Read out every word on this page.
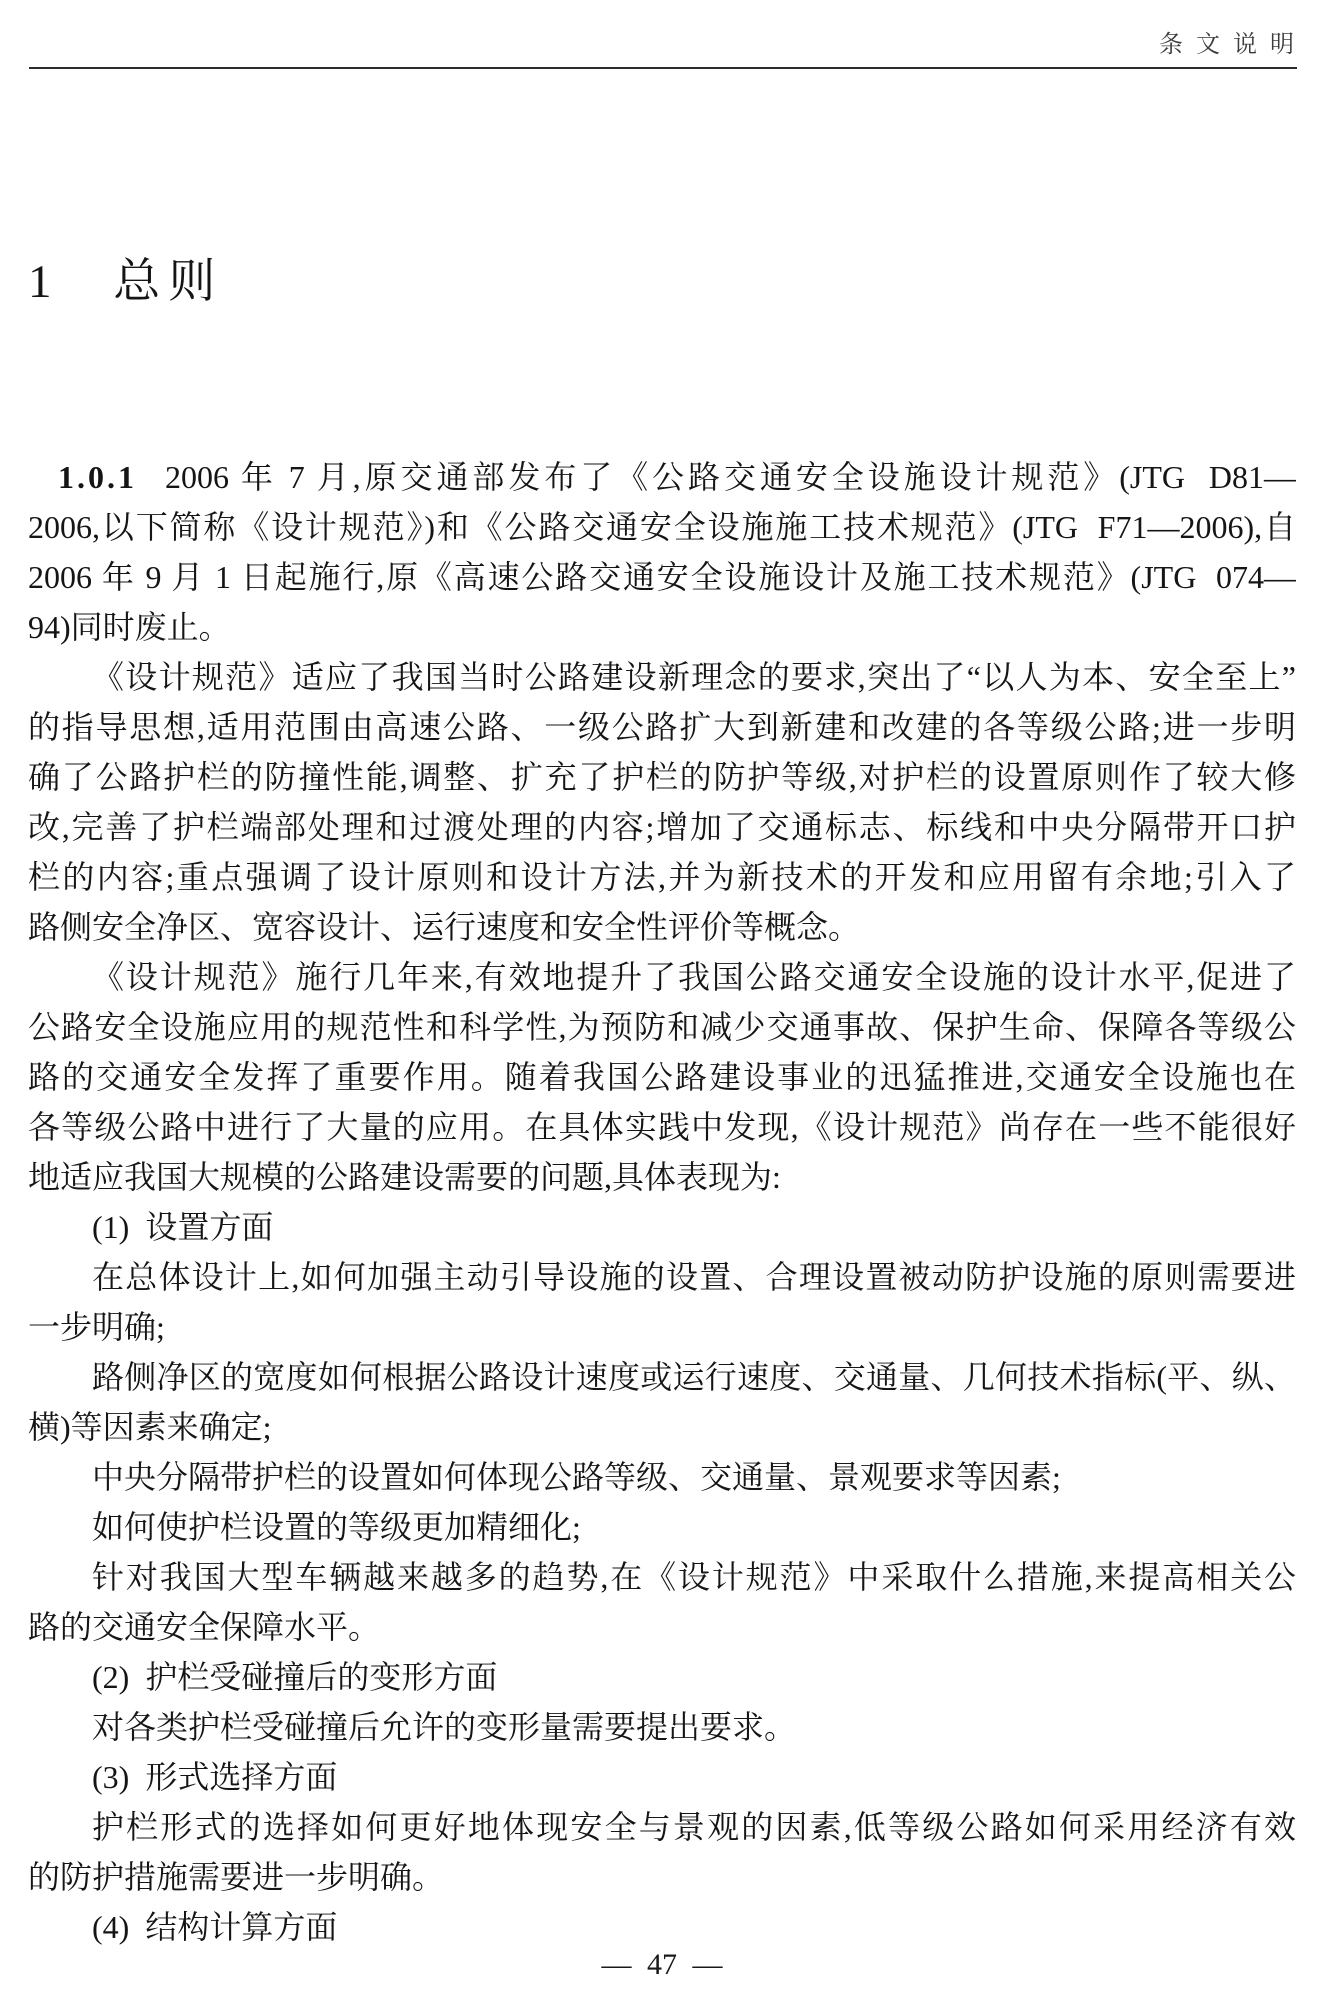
条文说明
1 总则
1.0.1 2006 年 7 月,原交通部发布了《公路交通安全设施设计规范》(JTG  D81—
2006,以下简称《设计规范》)和《公路交通安全设施施工技术规范》(JTG  F71—2006),自
2006 年 9 月 1 日起施行,原《高速公路交通安全设施设计及施工技术规范》(JTG  074—
94)同时废止。
《设计规范》适应了我国当时公路建设新理念的要求,突出了“以人为本、安全至上”
的指导思想,适用范围由高速公路、一级公路扩大到新建和改建的各等级公路;进一步明
确了公路护栏的防撞性能,调整、扩充了护栏的防护等级,对护栏的设置原则作了较大修
改,完善了护栏端部处理和过渡处理的内容;增加了交通标志、标线和中央分隔带开口护
栏的内容;重点强调了设计原则和设计方法,并为新技术的开发和应用留有余地;引入了
路侧安全净区、宽容设计、运行速度和安全性评价等概念。
《设计规范》施行几年来,有效地提升了我国公路交通安全设施的设计水平,促进了
公路安全设施应用的规范性和科学性,为预防和减少交通事故、保护生命、保障各等级公
路的交通安全发挥了重要作用。随着我国公路建设事业的迅猛推进,交通安全设施也在
各等级公路中进行了大量的应用。在具体实践中发现,《设计规范》尚存在一些不能很好
地适应我国大规模的公路建设需要的问题,具体表现为:
(1) 设置方面
在总体设计上,如何加强主动引导设施的设置、合理设置被动防护设施的原则需要进
一步明确;
路侧净区的宽度如何根据公路设计速度或运行速度、交通量、几何技术指标(平、纵、
横)等因素来确定;
中央分隔带护栏的设置如何体现公路等级、交通量、景观要求等因素;
如何使护栏设置的等级更加精细化;
针对我国大型车辆越来越多的趋势,在《设计规范》中采取什么措施,来提高相关公
路的交通安全保障水平。
(2) 护栏受碰撞后的变形方面
对各类护栏受碰撞后允许的变形量需要提出要求。
(3) 形式选择方面
护栏形式的选择如何更好地体现安全与景观的因素,低等级公路如何采用经济有效
的防护措施需要进一步明确。
(4) 结构计算方面
— 47 —
